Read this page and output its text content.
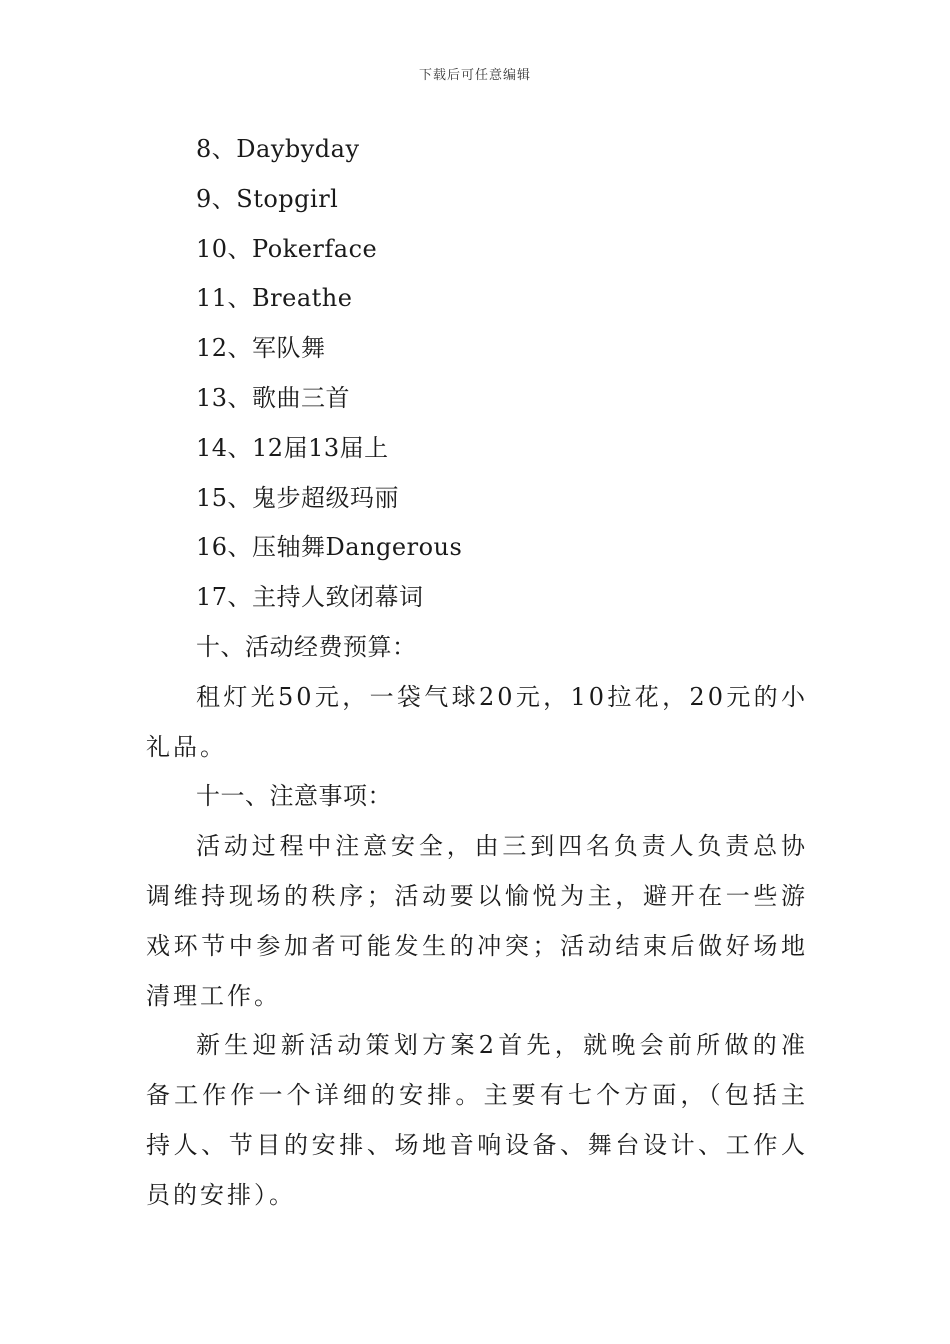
下载后可任意编辑

8、Daybyday

9、Stopgirl

10、Pokerface

11、Breathe

12、军队舞

13、歌曲三首

14、12届13届上

15、鬼步超级玛丽

16、压轴舞Dangerous

17、主持人致闭幕词

十、活动经费预算：

租灯光50元，一袋气球20元，10拉花，20元的小礼品。

十一、注意事项：

活动过程中注意安全，由三到四名负责人负责总协调维持现场的秩序；活动要以愉悦为主，避开在一些游戏环节中参加者可能发生的冲突；活动结束后做好场地清理工作。

新生迎新活动策划方案2首先，就晚会前所做的准备工作作一个详细的安排。主要有七个方面，（包括主持人、节目的安排、场地音响设备、舞台设计、工作人员的安排）。
